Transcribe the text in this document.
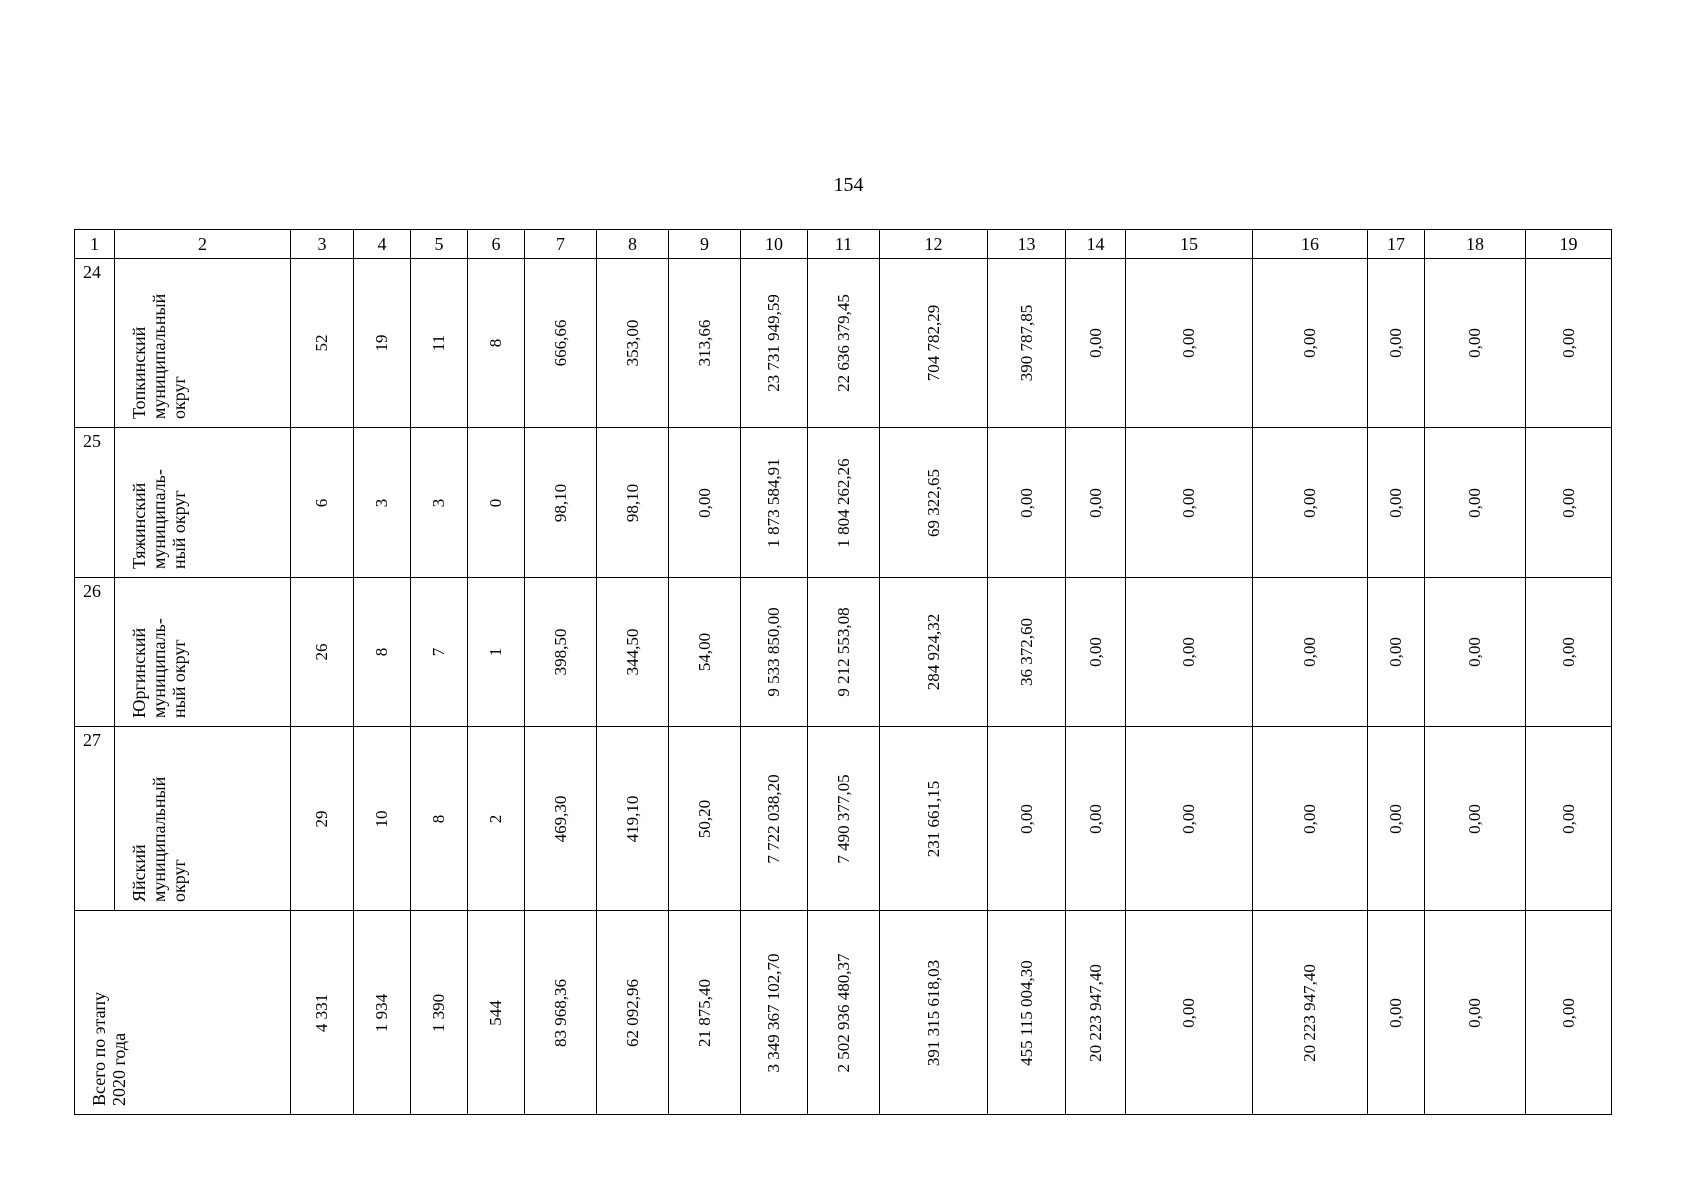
154
1	2	3	4	5	6	7	8	9	10	11	12	13	14	15	16	17	18	19

24	Топкинский муниципальный округ	52	19	11	8	666,66	353,00	313,66	23 731 949,59	22 636 379,45	704 782,29	390 787,85	0,00	0,00	0,00	0,00	0,00	0,00

25	Тяжинский муниципаль- ный округ	6	3	3	0	98,10	98,10	0,00	1 873 584,91	1 804 262,26	69 322,65	0,00	0,00	0,00	0,00	0,00	0,00	0,00

26	Юргинский муниципаль- ный округ	26	8	7	1	398,50	344,50	54,00	9 533 850,00	9 212 553,08	284 924,32	36 372,60	0,00	0,00	0,00	0,00	0,00	0,00

27	Яйский муниципальный округ	29	10	8	2	469,30	419,10	50,20	7 722 038,20	7 490 377,05	231 661,15	0,00	0,00	0,00	0,00	0,00	0,00	0,00

Всего по этапу 2020 года		4 331	1 934	1 390	544	83 968,36	62 092,96	21 875,40	3 349 367 102,70	2 502 936 480,37	391 315 618,03	455 115 004,30	20 223 947,40	0,00	20 223 947,40	0,00	0,00	0,00
